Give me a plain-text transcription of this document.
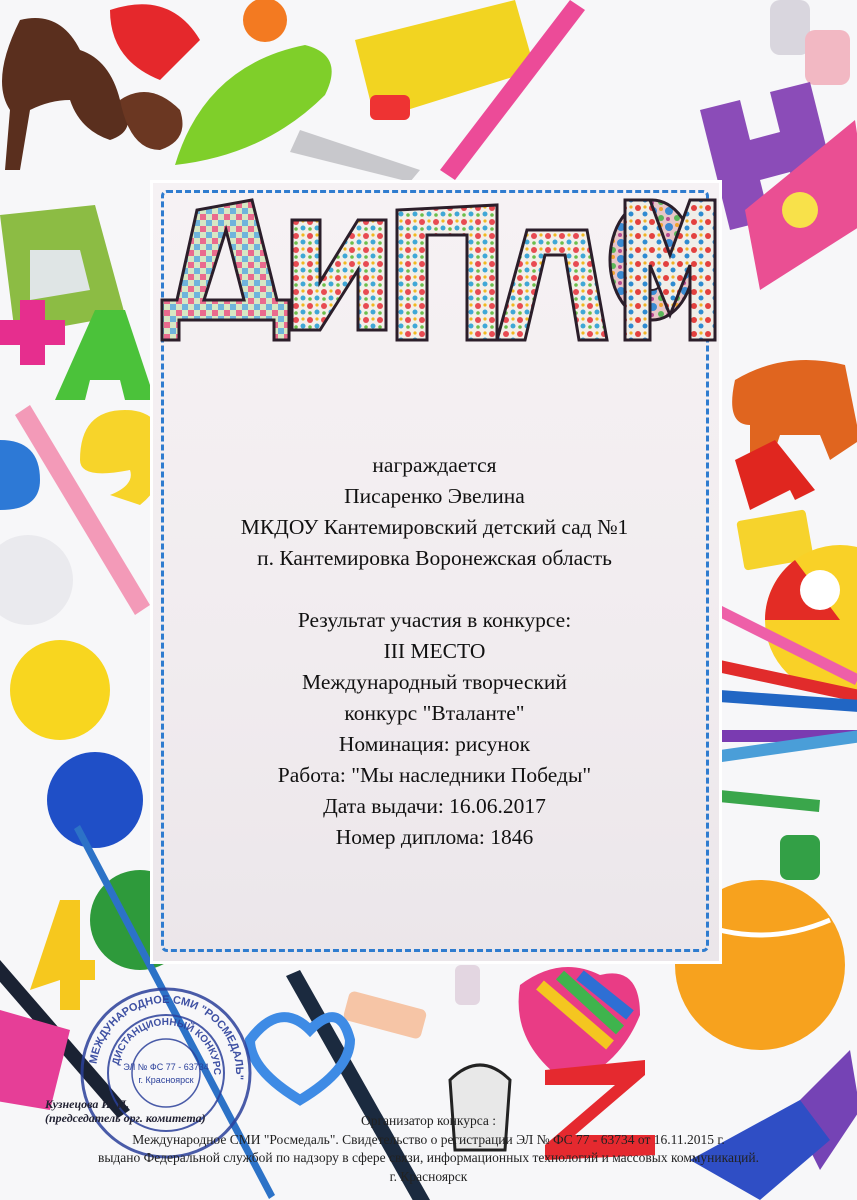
награждается
Писаренко Эвелина
МКДОУ Кантемировский детский сад №1
п. Кантемировка Воронежская область
Результат участия в конкурсе:
III МЕСТО
Международный творческий
конкурс "Вталанте"
Номинация: рисунок
Работа: "Мы наследники Победы"
Дата выдачи: 16.06.2017
Номер диплома: 1846
МЕЖДУНАРОДНОЕ СМИ "РОСМЕДАЛЬ"
ДИСТАНЦИОННЫЙ КОНКУРС
ЭЛ № ФС 77 - 63734
г. Красноярск
Кузнецова И. П.
(председатель орг. комитета)	Организатор конкурса :
Международное СМИ "Росмедаль". Свидетельство о регистрации ЭЛ № ФС 77 - 63734 от 16.11.2015 г.
выдано Федеральной службой по надзору в сфере связи, информационных технологий и массовых коммуникаций.
г. Красноярск
